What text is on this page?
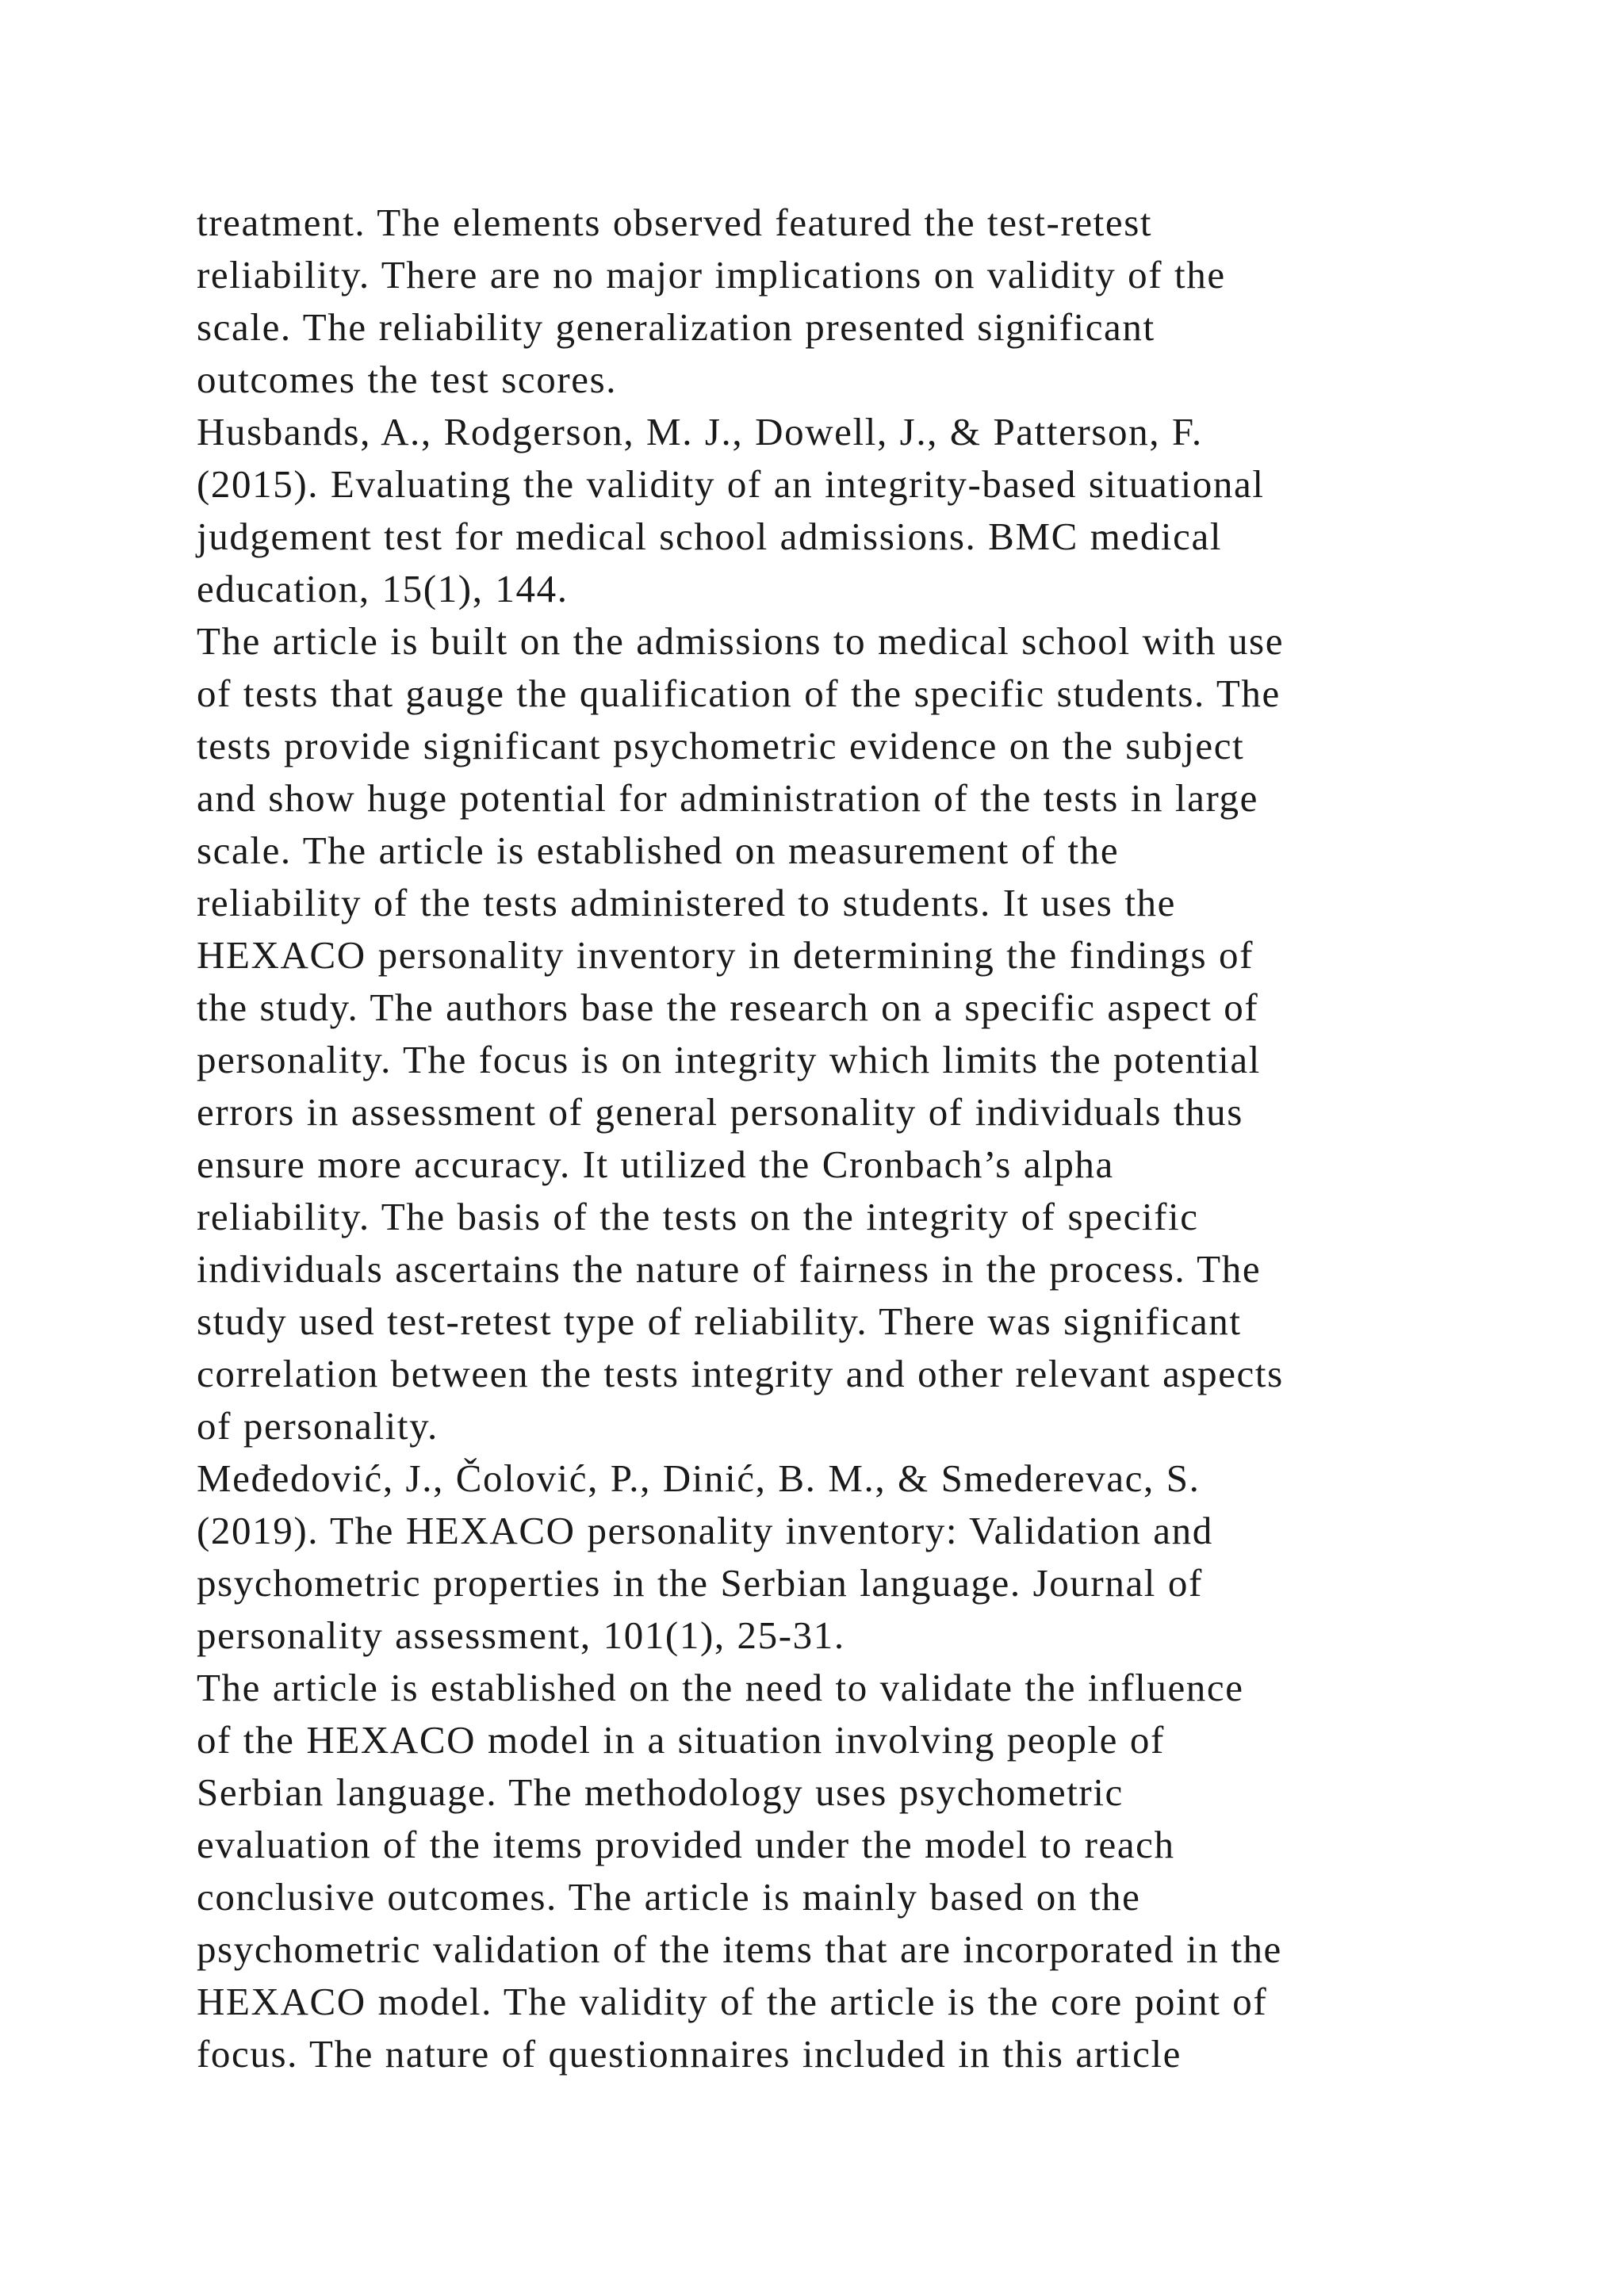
treatment. The elements observed featured the test-retest
reliability. There are no major implications on validity of the
scale. The reliability generalization presented significant
outcomes the test scores.
Husbands, A., Rodgerson, M. J., Dowell, J., & Patterson, F.
(2015). Evaluating the validity of an integrity-based situational
judgement test for medical school admissions. BMC medical
education, 15(1), 144.
The article is built on the admissions to medical school with use
of tests that gauge the qualification of the specific students. The
tests provide significant psychometric evidence on the subject
and show huge potential for administration of the tests in large
scale. The article is established on measurement of the
reliability of the tests administered to students. It uses the
HEXACO personality inventory in determining the findings of
the study. The authors base the research on a specific aspect of
personality. The focus is on integrity which limits the potential
errors in assessment of general personality of individuals thus
ensure more accuracy. It utilized the Cronbach’s alpha
reliability. The basis of the tests on the integrity of specific
individuals ascertains the nature of fairness in the process. The
study used test-retest type of reliability. There was significant
correlation between the tests integrity and other relevant aspects
of personality.
Međedović, J., Čolović, P., Dinić, B. M., & Smederevac, S.
(2019). The HEXACO personality inventory: Validation and
psychometric properties in the Serbian language. Journal of
personality assessment, 101(1), 25-31.
The article is established on the need to validate the influence
of the HEXACO model in a situation involving people of
Serbian language. The methodology uses psychometric
evaluation of the items provided under the model to reach
conclusive outcomes. The article is mainly based on the
psychometric validation of the items that are incorporated in the
HEXACO model. The validity of the article is the core point of
focus. The nature of questionnaires included in this article
